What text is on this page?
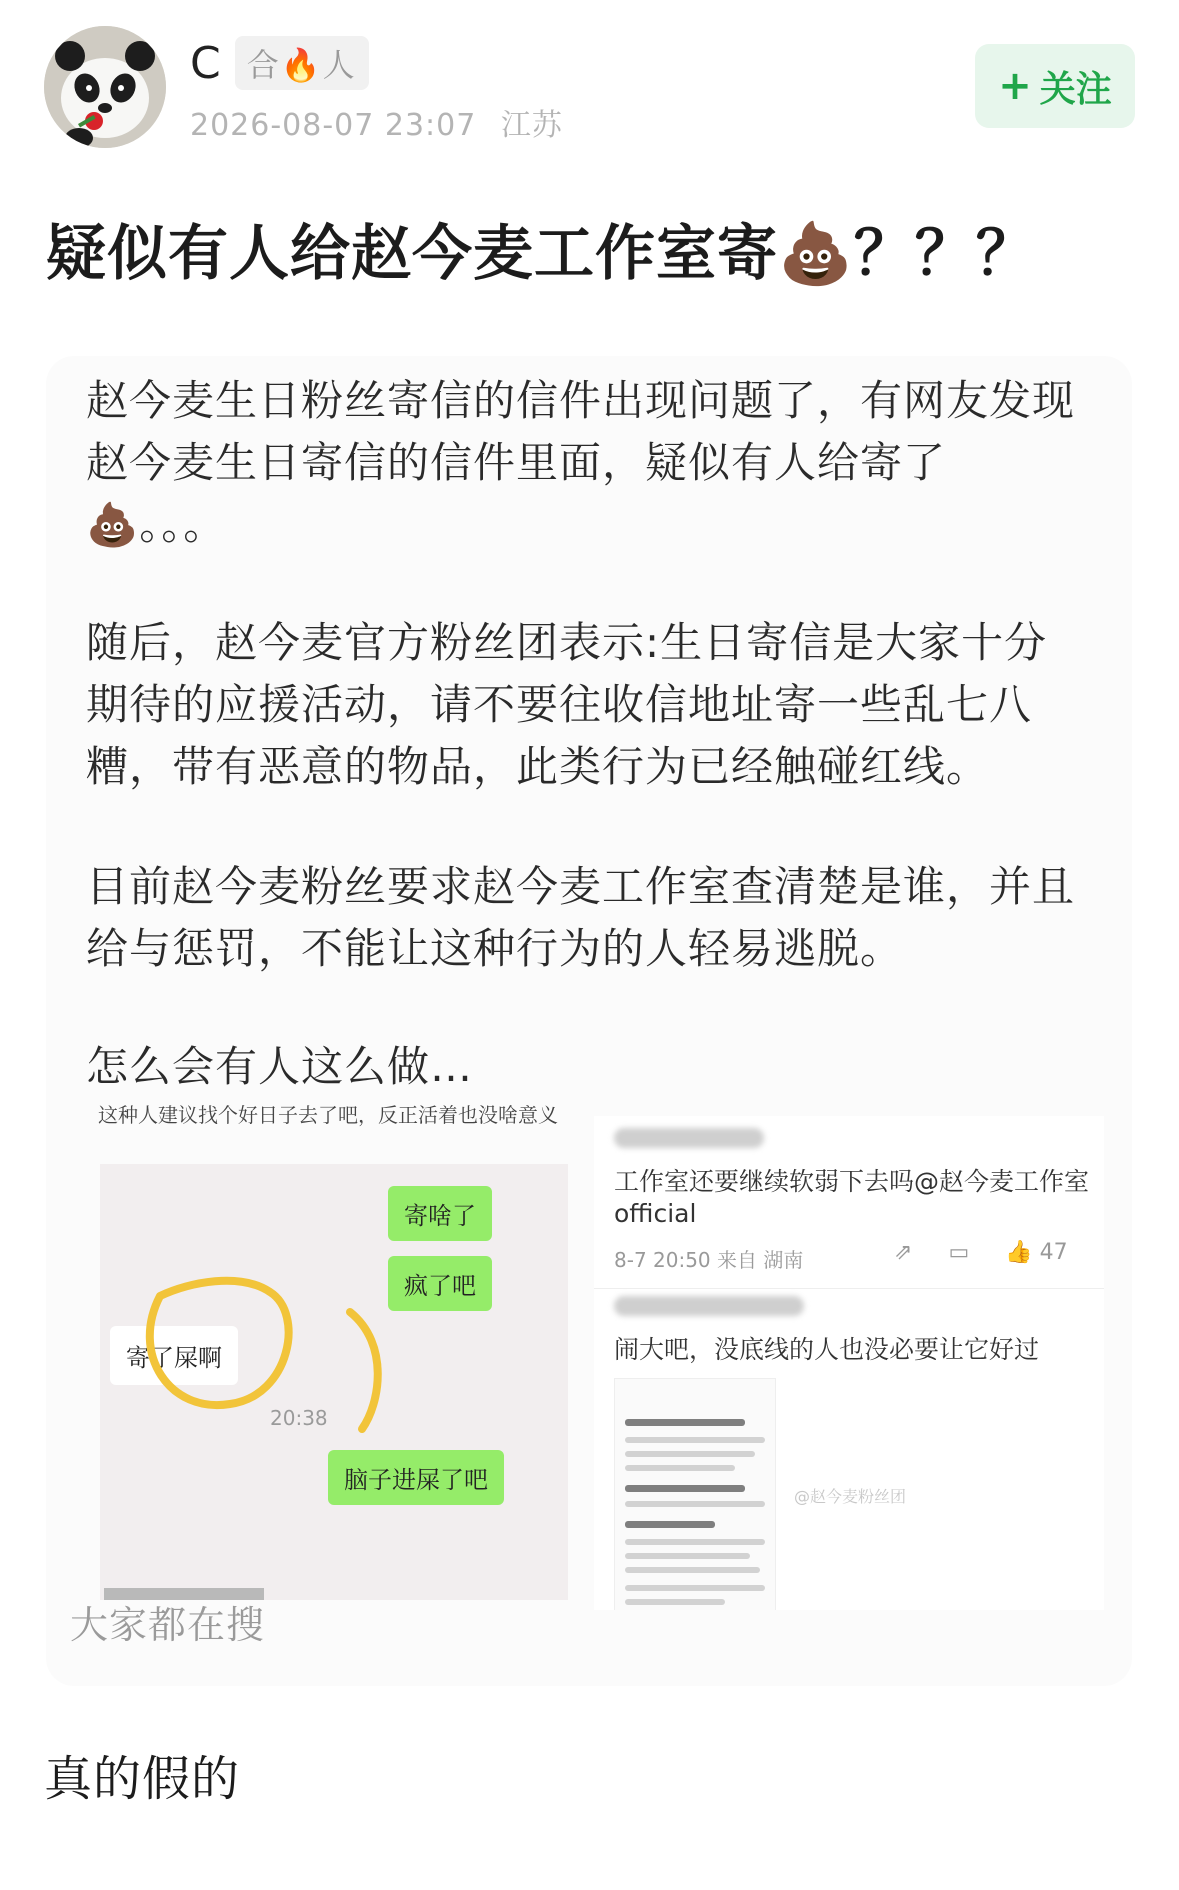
C 合🔥人
2026-08-07 23:07 江苏
+ 关注
疑似有人给赵今麦工作室寄💩？？？
赵今麦生日粉丝寄信的信件出现问题了，有网友发现赵今麦生日寄信的信件里面，疑似有人给寄了💩。。。
随后，赵今麦官方粉丝团表示:生日寄信是大家十分期待的应援活动，请不要往收信地址寄一些乱七八糟，带有恶意的物品，此类行为已经触碰红线。
目前赵今麦粉丝要求赵今麦工作室查清楚是谁，并且给与惩罚，不能让这种行为的人轻易逃脱。
怎么会有人这么做…
这种人建议找个好日子去了吧，反正活着也没啥意义
寄啥了
疯了吧
寄了屎啊
20:38
脑子进屎了吧
工作室还要继续软弱下去吗@赵今麦工作室official
8-7 20:50 来自 湖南	⇗ ▭ 👍 47
闹大吧，没底线的人也没必要让它好过
@赵今麦粉丝团
大家都在搜
真的假的
